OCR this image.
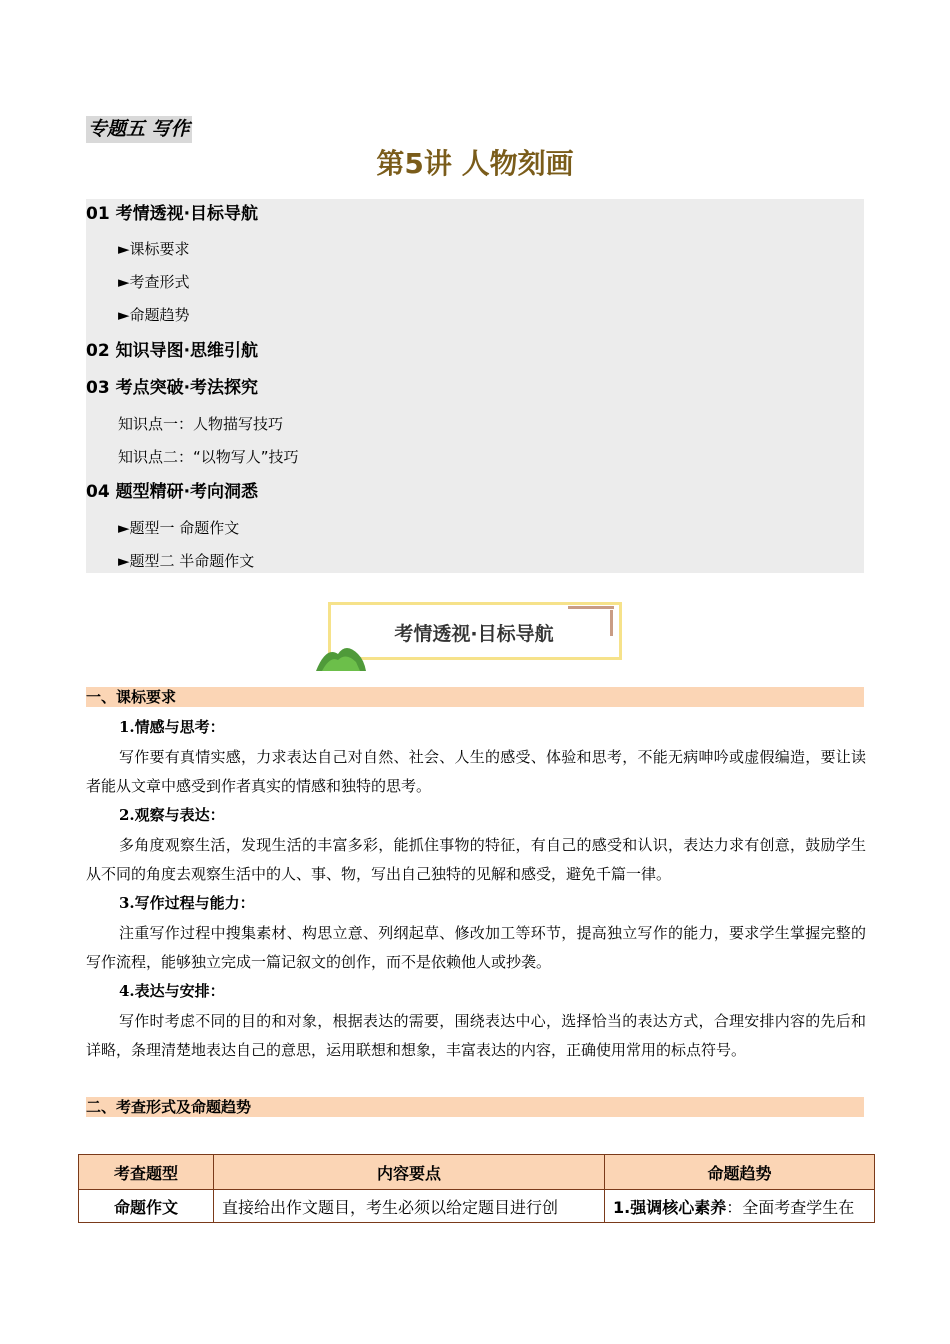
专题五 写作
第5讲 人物刻画
01 考情透视·目标导航
►课标要求
►考查形式
►命题趋势
02 知识导图·思维引航
03 考点突破·考法探究
知识点一：人物描写技巧
知识点二：“以物写人”技巧
04 题型精研·考向洞悉
►题型一 命题作文
►题型二 半命题作文
考情透视·目标导航
一、课标要求
1.情感与思考：
写作要有真情实感，力求表达自己对自然、社会、人生的感受、体验和思考，不能无病呻吟或虚假编造，要让读者能从文章中感受到作者真实的情感和独特的思考。
2.观察与表达：
多角度观察生活，发现生活的丰富多彩，能抓住事物的特征，有自己的感受和认识，表达力求有创意，鼓励学生从不同的角度去观察生活中的人、事、物，写出自己独特的见解和感受，避免千篇一律。
3.写作过程与能力：
注重写作过程中搜集素材、构思立意、列纲起草、修改加工等环节，提高独立写作的能力，要求学生掌握完整的写作流程，能够独立完成一篇记叙文的创作，而不是依赖他人或抄袭。
4.表达与安排：
写作时考虑不同的目的和对象，根据表达的需要，围绕表达中心，选择恰当的表达方式，合理安排内容的先后和详略，条理清楚地表达自己的意思，运用联想和想象，丰富表达的内容，正确使用常用的标点符号。
二、考查形式及命题趋势
考查题型	内容要点	命题趋势
命题作文	直接给出作文题目，考生必须以给定题目进行创	1.强调核心素养：全面考查学生在
